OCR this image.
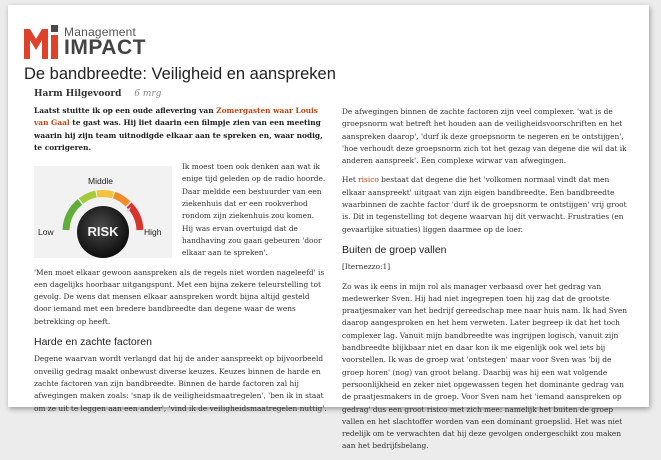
Management
IMPACT
De bandbreedte: Veiligheid en aanspreken
Harm Hilgevoord 6 mrg

Laatst stuitte ik op een oude aflevering van Zomergasten waar Louis van Gaal te gast was. Hij liet daarin een filmpje zien van een meeting waarin hij zijn team uitnodigde elkaar aan te spreken en, waar nodig, te corrigeren.

RISK
Middle
Low	High

Ik moest toen ook denken aan wat ik enige tijd geleden op de radio hoorde. Daar meldde een bestuurder van een ziekenhuis dat er een rookverbod rondom zijn ziekenhuis zou komen. Hij was ervan overtuigd dat de handhaving zou gaan gebeuren 'door elkaar aan te spreken'.

'Men moet elkaar gewoon aanspreken als de regels niet worden nageleefd' is een dagelijks hoorbaar uitgangspunt. Met een bijna zekere teleurstelling tot gevolg. De wens dat mensen elkaar aanspreken wordt bijna altijd gesteld door iemand met een bredere bandbreedte dan degene waar de wens betrekking op heeft.

Harde en zachte factoren

Degene waarvan wordt verlangd dat hij de ander aanspreekt op bijvoorbeeld onveilig gedrag maakt onbewust diverse keuzes. Keuzes binnen de harde en zachte factoren van zijn bandbreedte. Binnen de harde factoren zal hij afwegingen maken zoals: 'snap ik de veiligheidsmaatregelen', 'ben ik in staat om ze uit te leggen aan een ander', 'vind ik de veiligheidsmaatregelen nuttig'.

De afwegingen binnen de zachte factoren zijn veel complexer. 'wat is de groepsnorm wat betreft het houden aan de veiligheidsvoorschriften en het aanspreken daarop', 'durf ik deze groepsnorm te negeren en te ontstijgen', 'hoe verhoudt deze groepsnorm zich tot het gezag van degene die wil dat ik anderen aanspreek'. Een complexe wirwar van afwegingen.

Het risico bestaat dat degene die het 'volkomen normaal vindt dat men elkaar aanspreekt' uitgaat van zijn eigen bandbreedte. Een bandbreedte waarbinnen de zachte factor 'durf ik de groepsnorm te ontstijgen' vrij groot is. Dit in tegenstelling tot degene waarvan hij dit verwacht. Frustraties (en gevaarlijke situaties) liggen daarmee op de loer.

Buiten de groep vallen

[Iternezzo:1]

Zo was ik eens in mijn rol als manager verbaasd over het gedrag van medewerker Sven. Hij had niet ingegrepen toen hij zag dat de grootste praatjesmaker van het bedrijf gereedschap mee naar huis nam. Ik had Sven daarop aangesproken en het hem verweten. Later begreep ik dat het toch complexer lag. Vanuit mijn bandbreedte was ingrijpen logisch, vanuit zijn bandbreedte blijkbaar niet en daar kon ik me eigenlijk ook wel iets bij voorstellen. Ik was de groep wat 'ontstegen' maar voor Sven was 'bij de groep horen' (nog) van groot belang. Daarbij was hij een wat volgende persoonlijkheid en zeker niet opgewassen tegen het dominante gedrag van de praatjesmakers in de groep. Voor Sven nam het 'iemand aanspreken op gedrag' dus een groot risico met zich mee: namelijk het buiten de groep vallen en het slachtoffer worden van een dominant groepslid. Het was niet redelijk om te verwachten dat hij deze gevolgen ondergeschikt zou maken aan het bedrijfsbelang.
